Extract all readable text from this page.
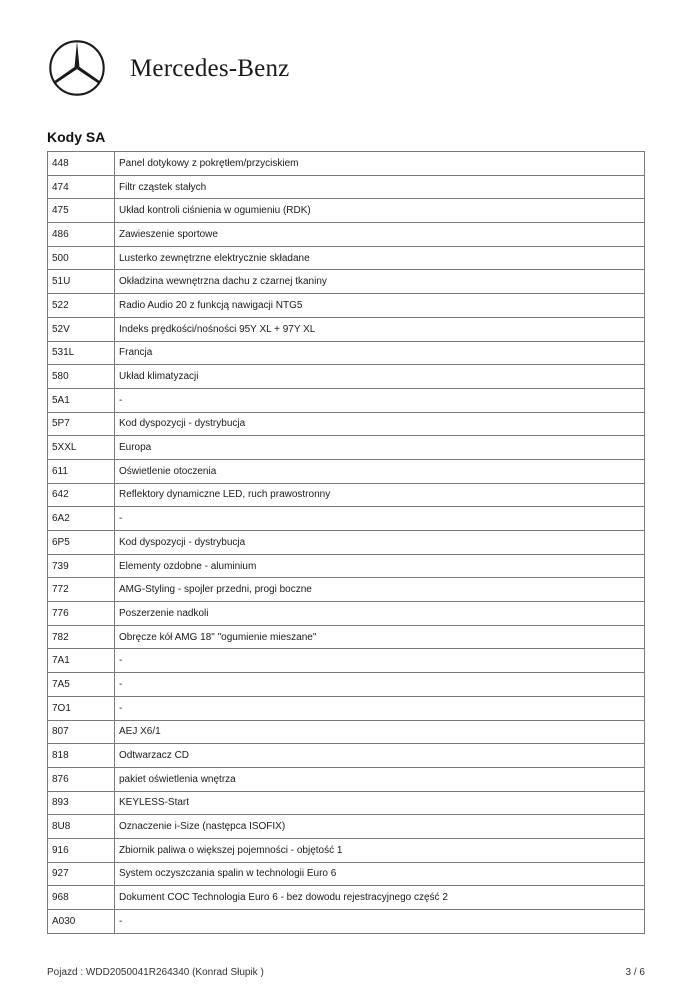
Mercedes-Benz
Kody SA
448	Panel dotykowy z pokrętłem/przyciskiem
474	Filtr cząstek stałych
475	Układ kontroli ciśnienia w ogumieniu (RDK)
486	Zawieszenie sportowe
500	Lusterko zewnętrzne elektrycznie składane
51U	Okładzina wewnętrzna dachu z czarnej tkaniny
522	Radio Audio 20 z funkcją nawigacji NTG5
52V	Indeks prędkości/nośności 95Y XL + 97Y XL
531L	Francja
580	Układ klimatyzacji
5A1	-
5P7	Kod dyspozycji - dystrybucja
5XXL	Europa
611	Oświetlenie otoczenia
642	Reflektory dynamiczne LED, ruch prawostronny
6A2	-
6P5	Kod dyspozycji - dystrybucja
739	Elementy ozdobne - aluminium
772	AMG-Styling - spojler przedni, progi boczne
776	Poszerzenie nadkoli
782	Obręcze kół AMG 18" "ogumienie mieszane"
7A1	-
7A5	-
7O1	-
807	AEJ X6/1
818	Odtwarzacz CD
876	pakiet oświetlenia wnętrza
893	KEYLESS-Start
8U8	Oznaczenie i-Size (następca ISOFIX)
916	Zbiornik paliwa o większej pojemności - objętość 1
927	System oczyszczania spalin w technologii Euro 6
968	Dokument COC Technologia Euro 6 - bez dowodu rejestracyjnego część 2
A030	-
Pojazd : WDD2050041R264340 (Konrad Słupik )	3 / 6
